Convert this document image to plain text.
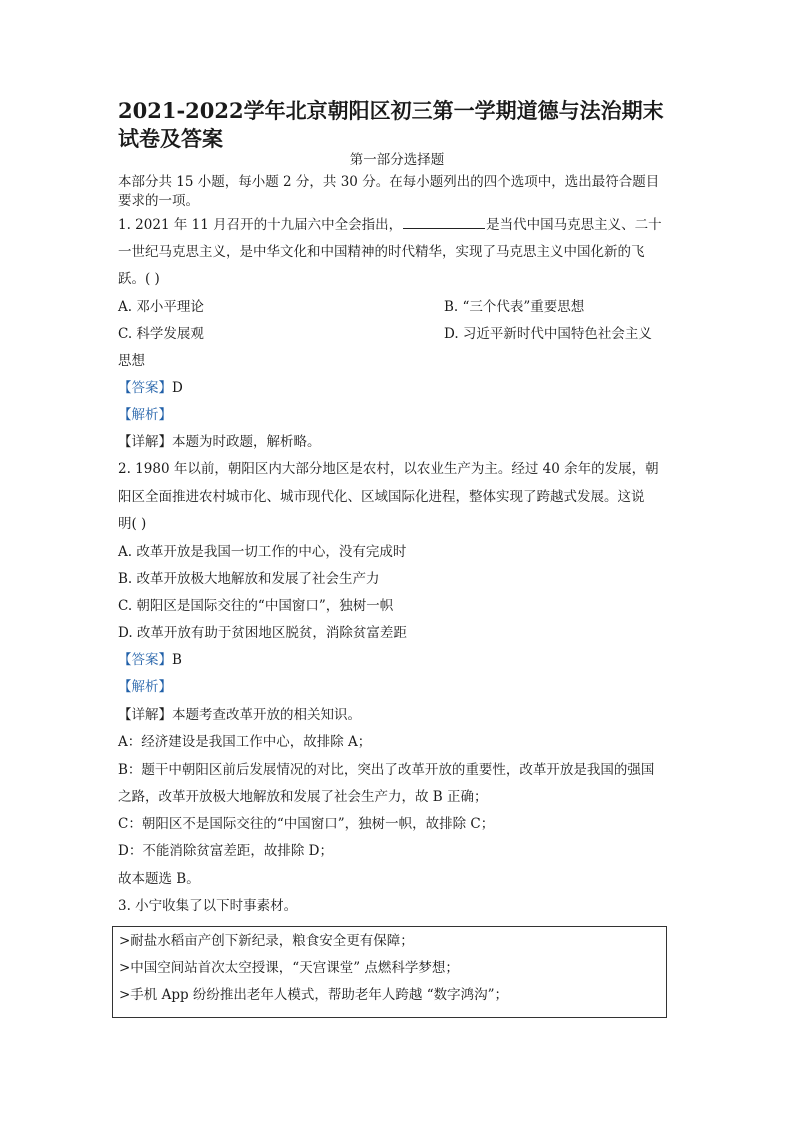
2021-2022学年北京朝阳区初三第一学期道德与法治期末试卷及答案
第一部分选择题
本部分共 15 小题，每小题 2 分，共 30 分。在每小题列出的四个选项中，选出最符合题目
要求的一项。
1. 2021 年 11 月召开的十九届六中全会指出，	是当代中国马克思主义、二十
一世纪马克思主义，是中华文化和中国精神的时代精华，实现了马克思主义中国化新的飞
跃。( )
A. 邓小平理论	B. “三个代表”重要思想
C. 科学发展观	D. 习近平新时代中国特色社会主义
思想
【答案】D
【解析】
【详解】本题为时政题，解析略。
2. 1980 年以前，朝阳区内大部分地区是农村，以农业生产为主。经过 40 余年的发展，朝
阳区全面推进农村城市化、城市现代化、区域国际化进程，整体实现了跨越式发展。这说
明( )
A. 改革开放是我国一切工作的中心，没有完成时
B. 改革开放极大地解放和发展了社会生产力
C. 朝阳区是国际交往的“中国窗口”，独树一帜
D. 改革开放有助于贫困地区脱贫，消除贫富差距
【答案】B
【解析】
【详解】本题考查改革开放的相关知识。
A：经济建设是我国工作中心，故排除 A；
B：题干中朝阳区前后发展情况的对比，突出了改革开放的重要性，改革开放是我国的强国
之路，改革开放极大地解放和发展了社会生产力，故 B 正确；
C：朝阳区不是国际交往的“中国窗口”，独树一帜，故排除 C；
D：不能消除贫富差距，故排除 D；
故本题选 B。
3. 小宁收集了以下时事素材。
>耐盐水稻亩产创下新纪录，粮食安全更有保障；
>中国空间站首次太空授课，“天宫课堂” 点燃科学梦想；
>手机 App 纷纷推出老年人模式，帮助老年人跨越 “数字鸿沟”；
